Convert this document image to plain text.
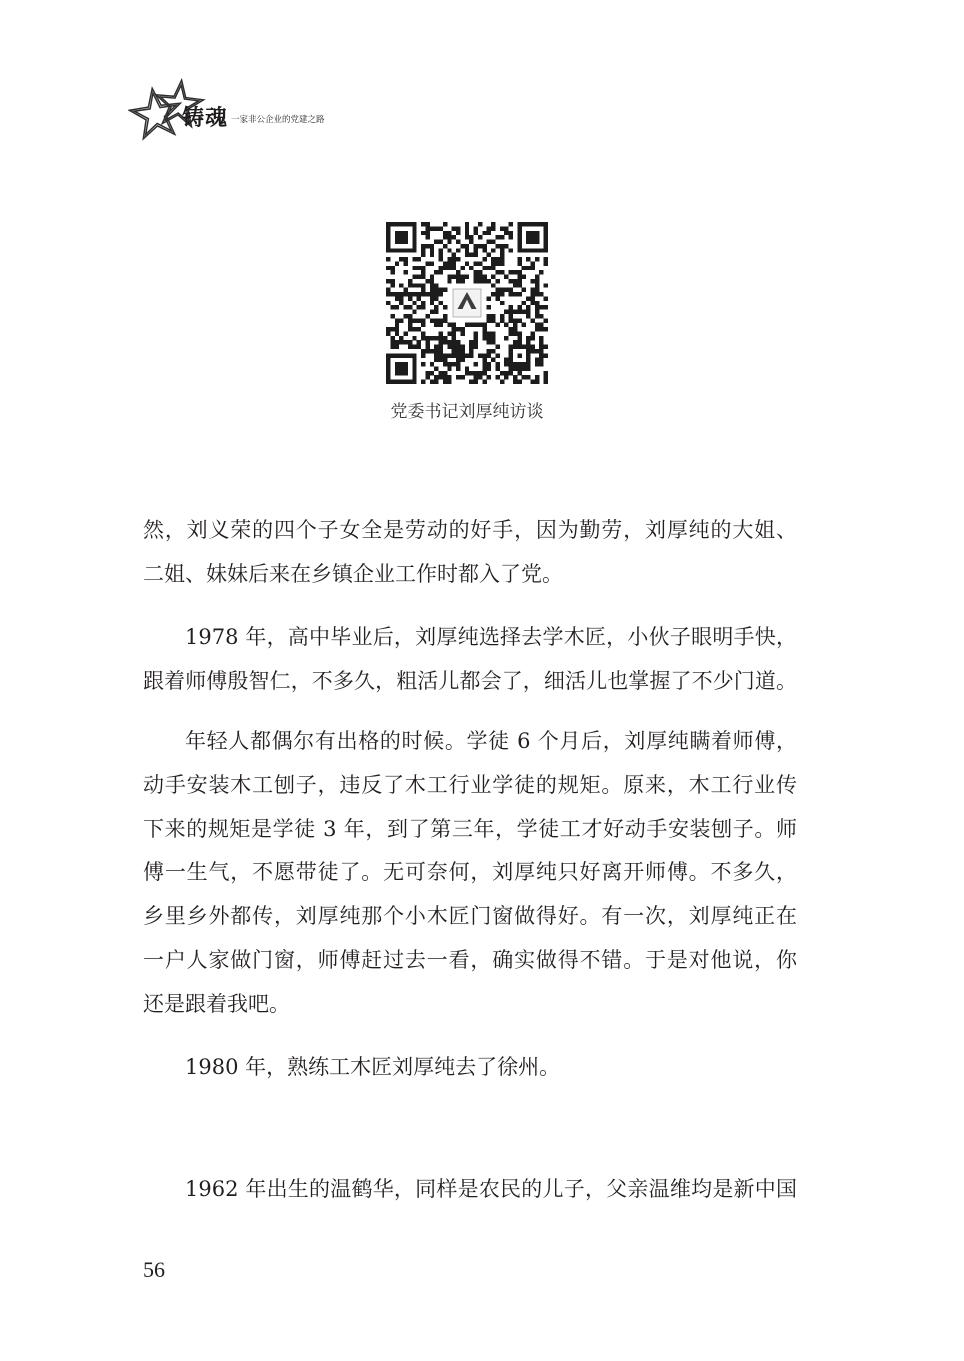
铸魂 一家非公企业的党建之路
党委书记刘厚纯访谈
然，刘义荣的四个子女全是劳动的好手，因为勤劳，刘厚纯的大姐、
二姐、妹妹后来在乡镇企业工作时都入了党。
1978 年，高中毕业后，刘厚纯选择去学木匠，小伙子眼明手快，
跟着师傅殷智仁，不多久，粗活儿都会了，细活儿也掌握了不少门道。
年轻人都偶尔有出格的时候。学徒 6 个月后，刘厚纯瞒着师傅，
动手安装木工刨子，违反了木工行业学徒的规矩。原来，木工行业传
下来的规矩是学徒 3 年，到了第三年，学徒工才好动手安装刨子。师
傅一生气，不愿带徒了。无可奈何，刘厚纯只好离开师傅。不多久，
乡里乡外都传，刘厚纯那个小木匠门窗做得好。有一次，刘厚纯正在
一户人家做门窗，师傅赶过去一看，确实做得不错。于是对他说，你
还是跟着我吧。
1980 年，熟练工木匠刘厚纯去了徐州。
1962 年出生的温鹤华，同样是农民的儿子，父亲温维均是新中国
56
